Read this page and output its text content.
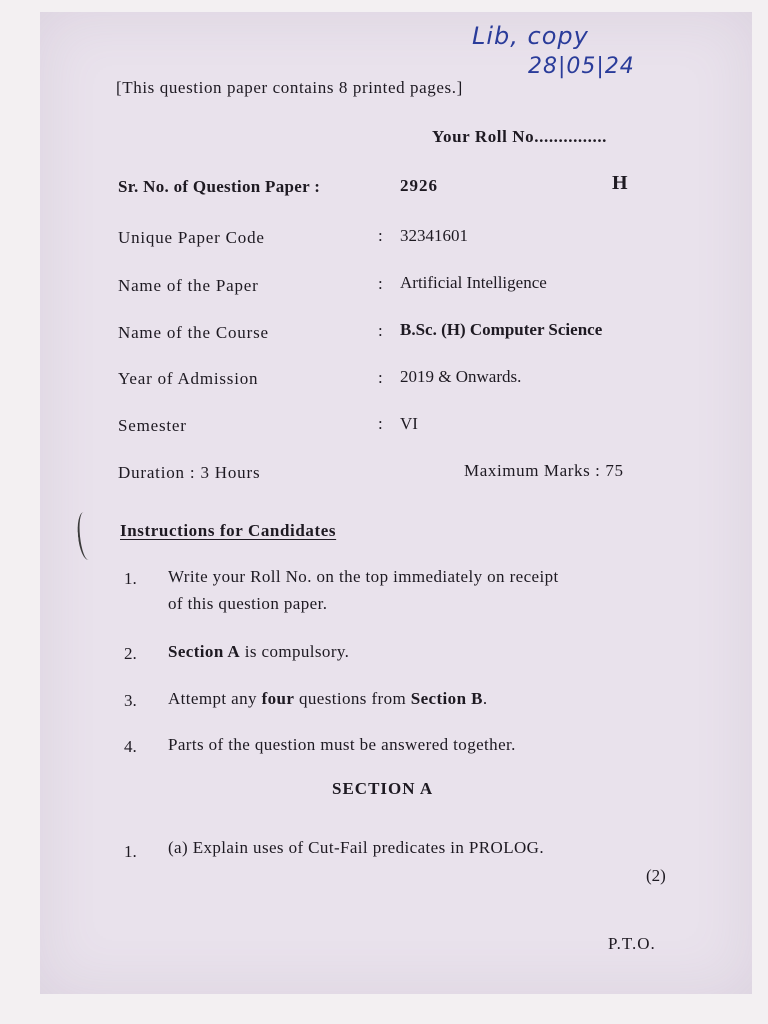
Lib, copy
28|05|24
[This question paper contains 8 printed pages.]
Your Roll No...............
Sr. No. of Question Paper :	2926	H
Unique Paper Code	: 32341601
Name of the Paper	: Artificial Intelligence
Name of the Course	: B.Sc. (H) Computer Science
Year of Admission	: 2019 & Onwards.
Semester	: VI
Duration : 3 Hours	Maximum Marks : 75
Instructions for Candidates
1. Write your Roll No. on the top immediately on receipt
of this question paper.
2. Section A is compulsory.
3. Attempt any four questions from Section B.
4. Parts of the question must be answered together.
SECTION A
1. (a) Explain uses of Cut-Fail predicates in PROLOG.
(2)
P.T.O.
